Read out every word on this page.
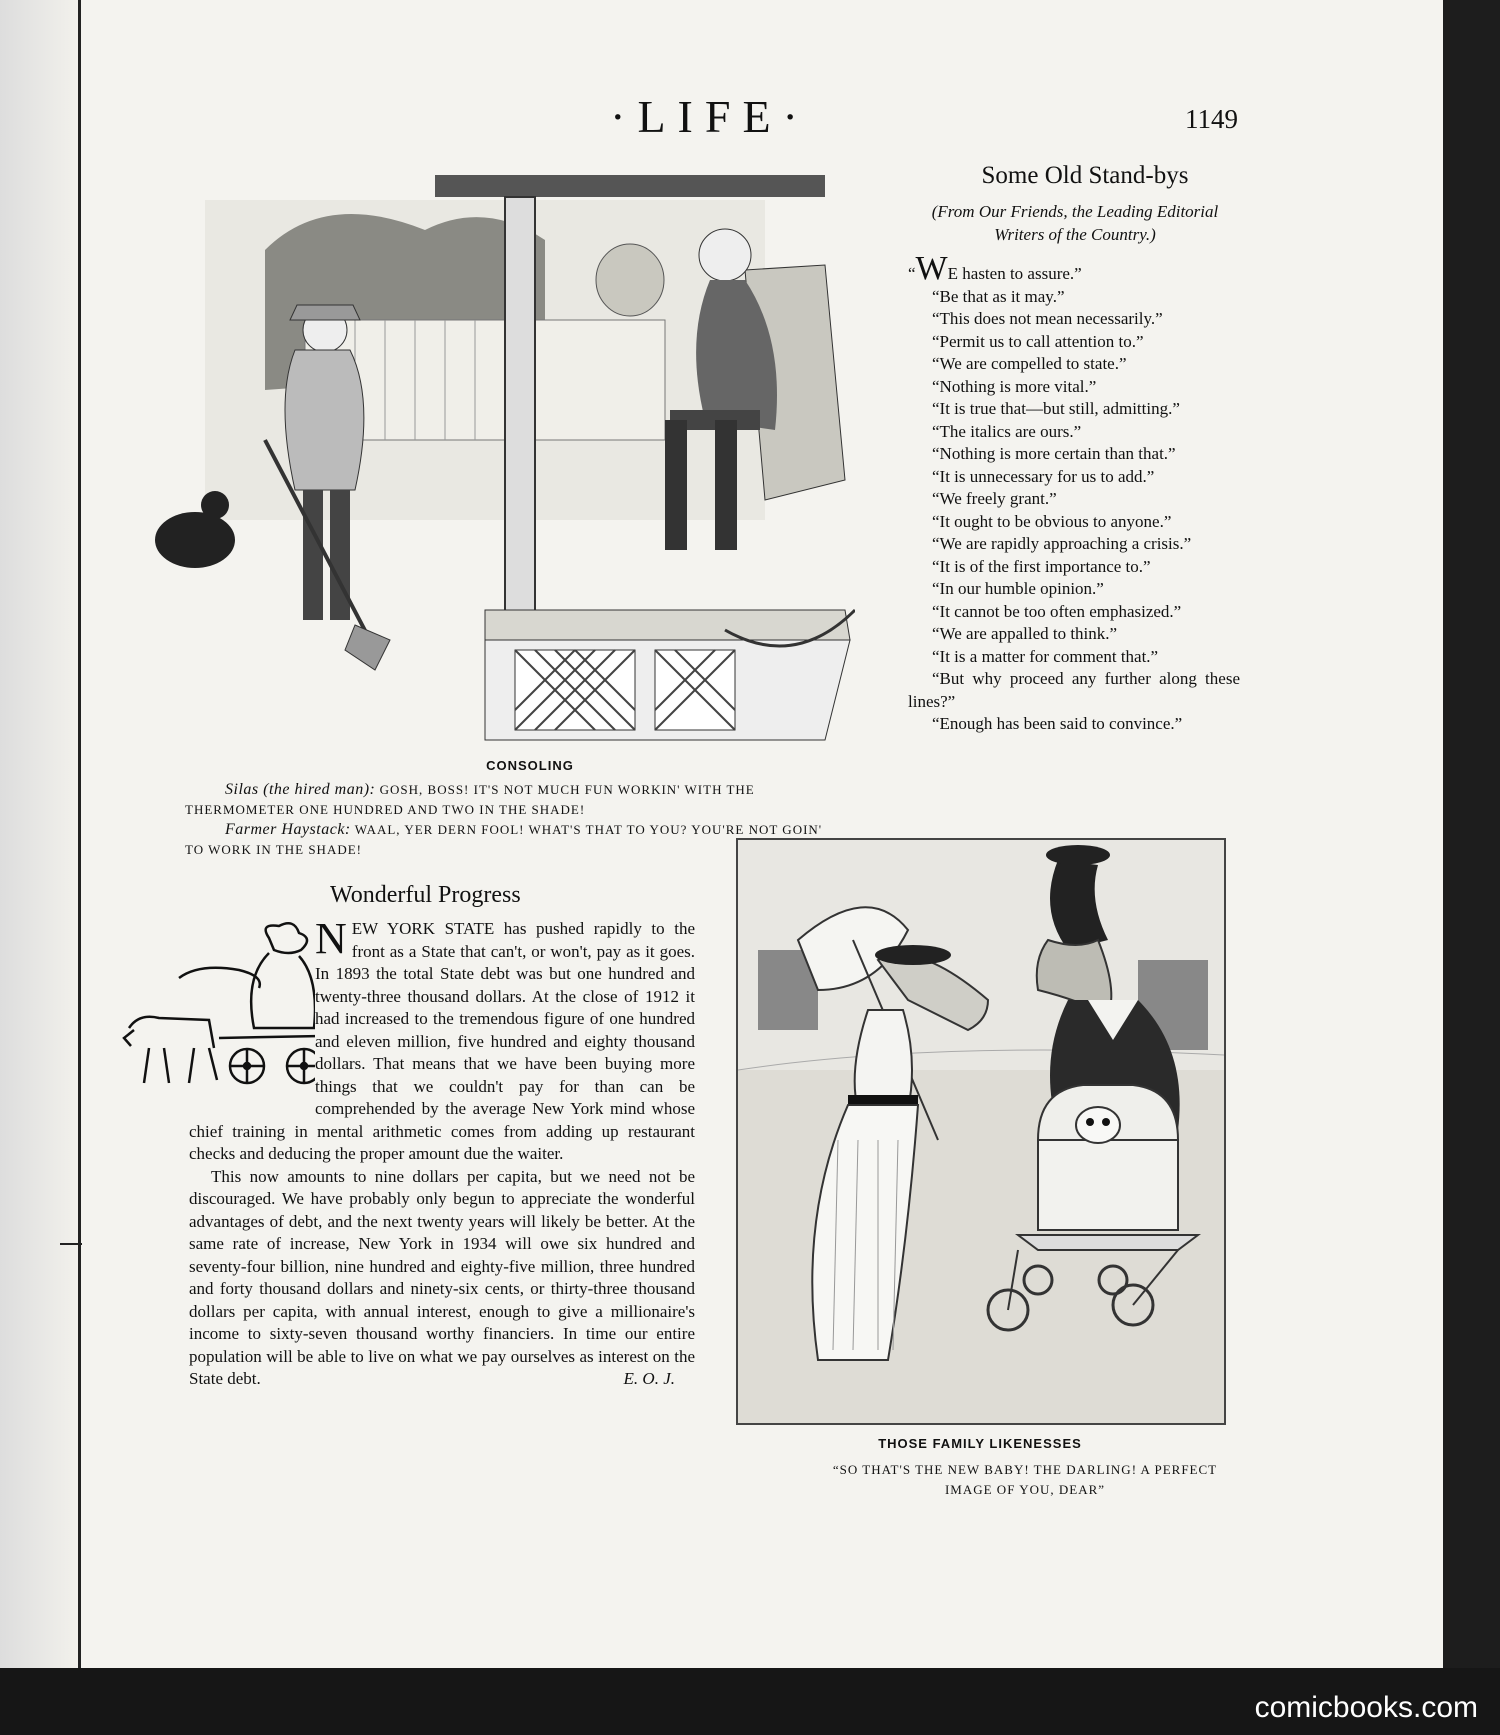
·LIFE·	1149
CONSOLING

Silas (the hired man): GOSH, BOSS! IT'S NOT MUCH FUN WORKIN' WITH THE THERMOMETER ONE HUNDRED AND TWO IN THE SHADE!

Farmer Haystack: WAAL, YER DERN FOOL! WHAT'S THAT TO YOU? YOU'RE NOT GOIN' TO WORK IN THE SHADE!

Some Old Stand-bys
(From Our Friends, the Leading Editorial Writers of the Country.)

“WE hasten to assure.”

“Be that as it may.”

“This does not mean necessarily.”

“Permit us to call attention to.”

“We are compelled to state.”

“Nothing is more vital.”

“It is true that—but still, admitting.”

“The italics are ours.”

“Nothing is more certain than that.”

“It is unnecessary for us to add.”

“We freely grant.”

“It ought to be obvious to anyone.”

“We are rapidly approaching a crisis.”

“It is of the first importance to.”

“In our humble opinion.”

“It cannot be too often emphasized.”

“We are appalled to think.”

“It is a matter for comment that.”

“But why proceed any further along these lines?”

“Enough has been said to convince.”

Wonderful Progress

NEW YORK STATE has pushed rapidly to the front as a State that can't, or won't, pay as it goes. In 1893 the total State debt was but one hundred and twenty-three thousand dollars. At the close of 1912 it had increased to the tremendous figure of one hundred and eleven million, five hundred and eighty thousand dollars. That means that we have been buying more things that we couldn't pay for than can be comprehended by the average New York mind whose chief training in mental arithmetic comes from adding up restaurant checks and deducing the proper amount due the waiter.

This now amounts to nine dollars per capita, but we need not be discouraged. We have probably only begun to appreciate the wonderful advantages of debt, and the next twenty years will likely be better. At the same rate of increase, New York in 1934 will owe six hundred and seventy-four billion, nine hundred and eighty-five million, three hundred and forty thousand dollars and ninety-six cents, or thirty-three thousand dollars per capita, with annual interest, enough to give a millionaire's income to sixty-seven thousand worthy financiers. In time our entire population will be able to live on what we pay ourselves as interest on the State debt.	E. O. J.

THOSE FAMILY LIKENESSES
“SO THAT'S THE NEW BABY! THE DARLING! A PERFECT IMAGE OF YOU, DEAR”
comicbooks.com
